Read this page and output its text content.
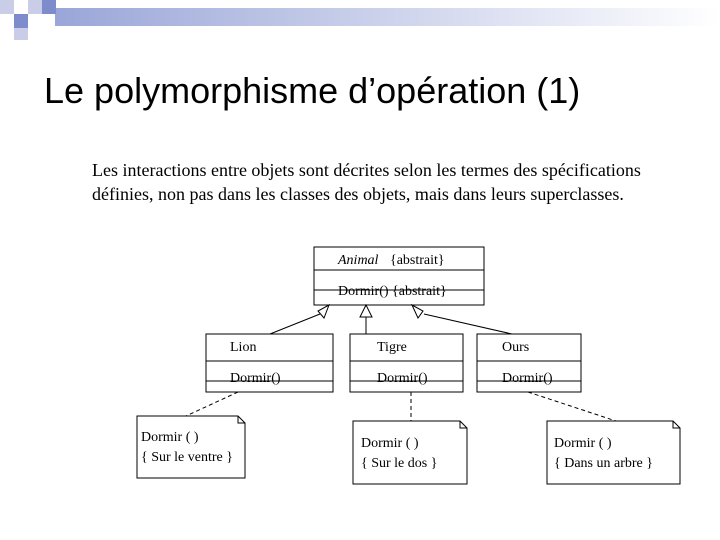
Le polymorphisme d’opération (1)
Les interactions entre objets sont décrites selon les termes des spécifications
définies, non pas dans les classes des objets, mais dans leurs superclasses.
Animal {abstrait}
Dormir() {abstrait}
Lion
Dormir()
Tigre
Dormir()
Ours
Dormir()
Dormir ( )
{ Sur le ventre }
Dormir ( )
{ Sur le dos }
Dormir ( )
{ Dans un arbre }
